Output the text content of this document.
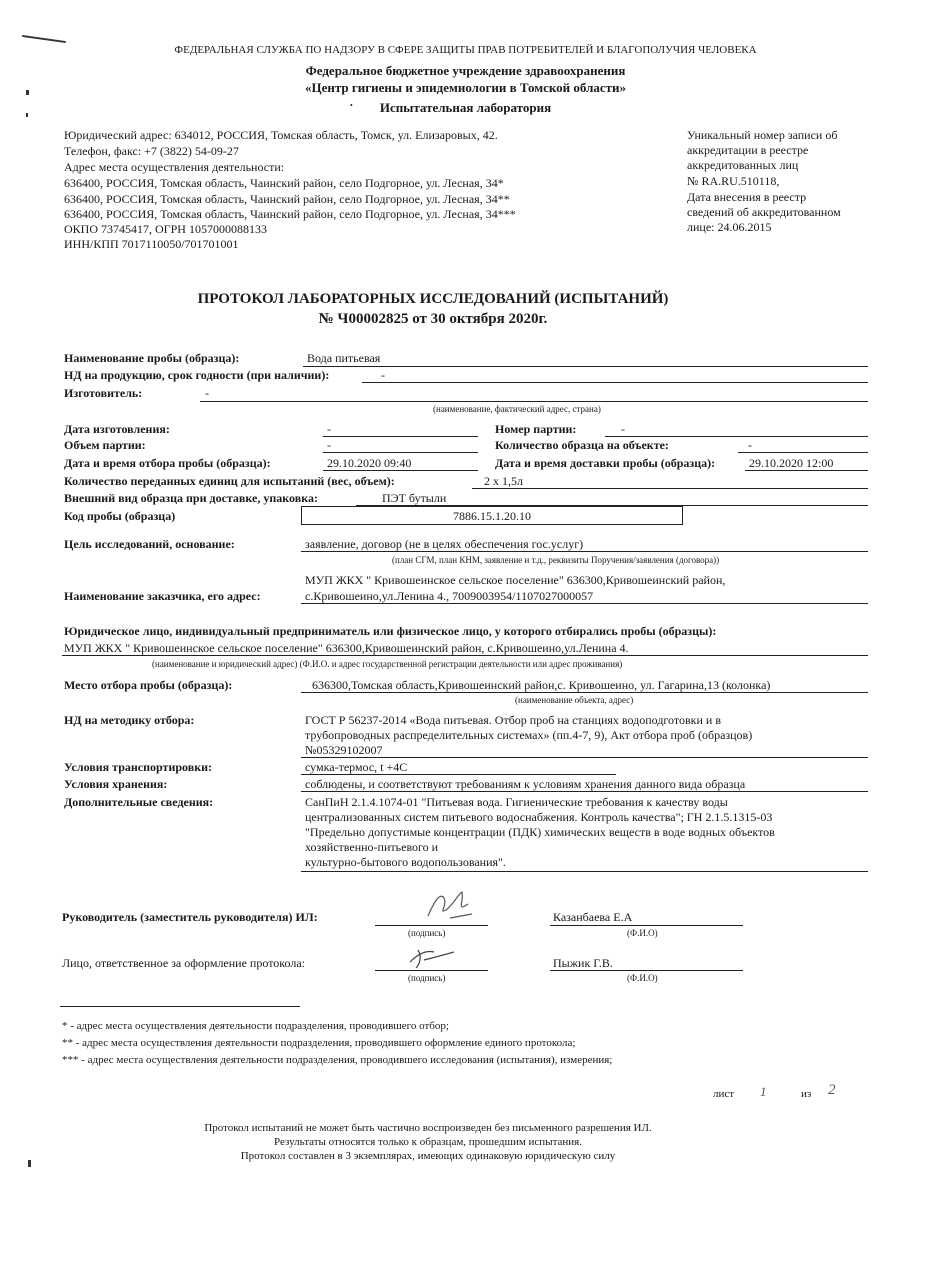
ФЕДЕРАЛЬНАЯ СЛУЖБА ПО НАДЗОРУ В СФЕРЕ ЗАЩИТЫ ПРАВ ПОТРЕБИТЕЛЕЙ И БЛАГОПОЛУЧИЯ ЧЕЛОВЕКА
Федеральное бюджетное учреждение здравоохранения
«Центр гигиены и эпидемиологии в Томской области»
•	Испытательная лаборатория
Юридический адрес: 634012, РОССИЯ, Томская область, Томск, ул. Елизаровых, 42.
Телефон, факс: +7 (3822) 54-09-27
Адрес места осуществления деятельности:
636400, РОССИЯ, Томская область, Чаинский район, село Подгорное, ул. Лесная, 34*
636400, РОССИЯ, Томская область, Чаинский район, село Подгорное, ул. Лесная, 34**
636400, РОССИЯ, Томская область, Чаинский район, село Подгорное, ул. Лесная, 34***
ОКПО 73745417, ОГРН 1057000088133
ИНН/КПП 7017110050/701701001
Уникальный номер записи об
аккредитации в реестре
аккредитованных лиц
№ RA.RU.510118,
Дата внесения в реестр
сведений об аккредитованном
лице: 24.06.2015
ПРОТОКОЛ ЛАБОРАТОРНЫХ ИССЛЕДОВАНИЙ (ИСПЫТАНИЙ)
№ Ч00002825 от 30 октября 2020г.
Наименование пробы (образца):	Вода питьевая
НД на продукцию, срок годности (при наличии):	-
Изготовитель:	-
(наименование, фактический адрес, страна)
Дата изготовления:	-	Номер партии:	-
Объем партии:	-	Количество образца на объекте:	-
Дата и время отбора пробы (образца):	29.10.2020 09:40	Дата и время доставки пробы (образца):	29.10.2020 12:00
Количество переданных единиц для испытаний (вес, объем):	2 х 1,5л
Внешний вид образца при доставке, упаковка:	ПЭТ бутыли
Код пробы (образца)	7886.15.1.20.10
Цель исследований, основание:	заявление, договор (не в целях обеспечения гос.услуг)
(план СГМ, план КНМ, заявление и т.д., реквизиты Поручения/заявления (договора))
Наименование заказчика, его адрес:
МУП ЖКХ " Кривошеинское сельское поселение" 636300,Кривошеинский район,
с.Кривошеино,ул.Ленина 4., 7009003954/1107027000057
Юридическое лицо, индивидуальный предприниматель или физическое лицо, у которого отбирались пробы (образцы):
МУП ЖКХ " Кривошеинское сельское поселение" 636300,Кривошеинский район, с.Кривошеино,ул.Ленина 4.
(наименование и юридический адрес) (Ф.И.О. и адрес государственной регистрации деятельности или адрес проживания)
Место отбора пробы (образца):	636300,Томская область,Кривошеинский район,с. Кривошеино, ул. Гагарина,13 (колонка)
(наименование объекта, адрес)
НД на методику отбора:	ГОСТ Р 56237-2014 «Вода питьевая. Отбор проб на станциях водоподготовки и в
трубопроводных распределительных системах» (пп.4-7, 9), Акт отбора проб (образцов)
№05329102007
Условия транспортировки:	сумка-термос, t +4С
Условия хранения:	соблюдены, и соответствуют требованиям к условиям хранения данного вида образца
Дополнительные сведения:	СанПиН 2.1.4.1074-01 "Питьевая вода. Гигиенические требования к качеству воды
централизованных систем питьевого водоснабжения. Контроль качества"; ГН 2.1.5.1315-03
"Предельно допустимые концентрации (ПДК) химических веществ в воде водных объектов
хозяйственно-питьевого и
культурно-бытового водопользования".
Руководитель (заместитель руководителя) ИЛ:
(подпись)
Казанбаева Е.А
(Ф.И.О)
Лицо, ответственное за оформление протокола:
(подпись)
Пыжик Г.В.
(Ф.И.О)
* - адрес места осуществления деятельности подразделения, проводившего отбор;
** - адрес места осуществления деятельности подразделения, проводившего оформление единого протокола;
*** - адрес места осуществления деятельности подразделения, проводившего исследования (испытания), измерения;
лист 1	из 2
Протокол испытаний не может быть частично воспроизведен без письменного разрешения ИЛ.
Результаты относятся только к образцам, прошедшим испытания.
Протокол составлен в 3 экземплярах, имеющих одинаковую юридическую силу
